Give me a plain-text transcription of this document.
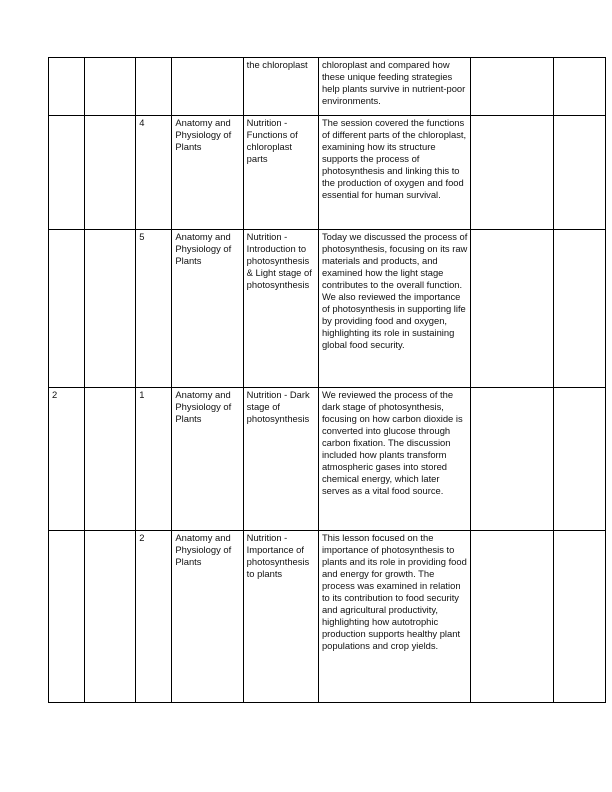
				the chloroplast	chloroplast and compared how these unique feeding strategies help plants survive in nutrient-poor environments.		

		4	Anatomy and Physiology of Plants	Nutrition - Functions of chloroplast parts	The session covered the functions of different parts of the chloroplast, examining how its structure supports the process of photosynthesis and linking this to the production of oxygen and food essential for human survival.		

		5	Anatomy and Physiology of Plants	Nutrition - Introduction to photosynthesis & Light stage of photosynthesis	Today we discussed the process of photosynthesis, focusing on its raw materials and products, and examined how the light stage contributes to the overall function. We also reviewed the importance of photosynthesis in supporting life by providing food and oxygen, highlighting its role in sustaining global food security.		

2		1	Anatomy and Physiology of Plants	Nutrition - Dark stage of photosynthesis	We reviewed the process of the dark stage of photosynthesis, focusing on how carbon dioxide is converted into glucose through carbon fixation. The discussion included how plants transform atmospheric gases into stored chemical energy, which later serves as a vital food source.		

		2	Anatomy and Physiology of Plants	Nutrition - Importance of photosynthesis to plants	This lesson focused on the importance of photosynthesis to plants and its role in providing food and energy for growth. The process was examined in relation to its contribution to food security and agricultural productivity, highlighting how autotrophic production supports healthy plant populations and crop yields.		
